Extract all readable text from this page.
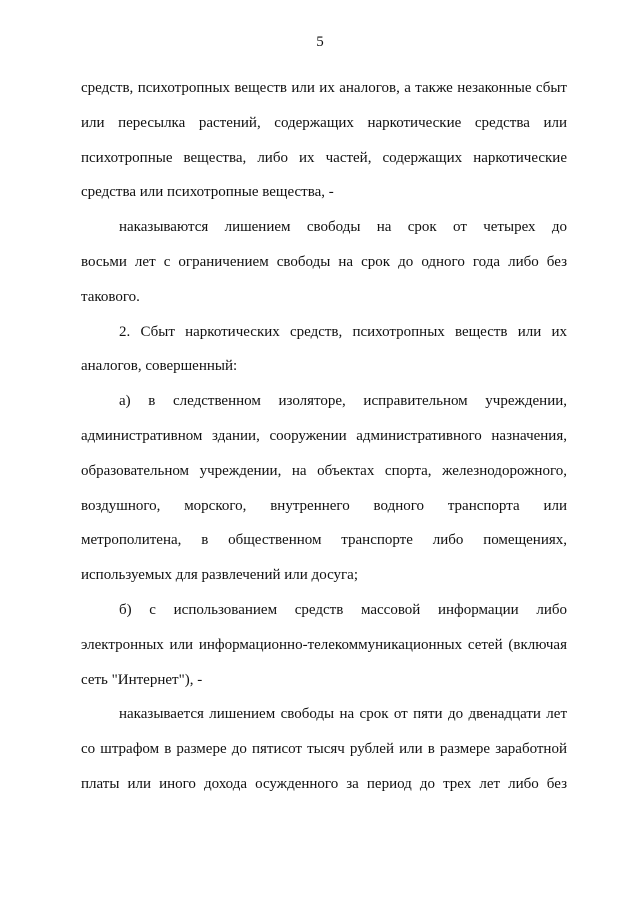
5
средств, психотропных веществ или их аналогов, а также незаконные сбыт
или пересылка растений, содержащих наркотические средства или
психотропные вещества, либо их частей, содержащих наркотические
средства или психотропные вещества, -
наказываются лишением свободы на срок от четырех до
восьми лет с ограничением свободы на срок до одного года либо без
такового.
2. Сбыт наркотических средств, психотропных веществ или их
аналогов, совершенный:
а) в следственном изоляторе, исправительном учреждении,
административном здании, сооружении административного назначения,
образовательном учреждении, на объектах спорта, железнодорожного,
воздушного, морского, внутреннего водного транспорта или
метрополитена, в общественном транспорте либо помещениях,
используемых для развлечений или досуга;
б) с использованием средств массовой информации либо
электронных или информационно-телекоммуникационных сетей (включая
сеть "Интернет"), -
наказывается лишением свободы на срок от пяти до двенадцати лет
со штрафом в размере до пятисот тысяч рублей или в размере заработной
платы или иного дохода осужденного за период до трех лет либо без
